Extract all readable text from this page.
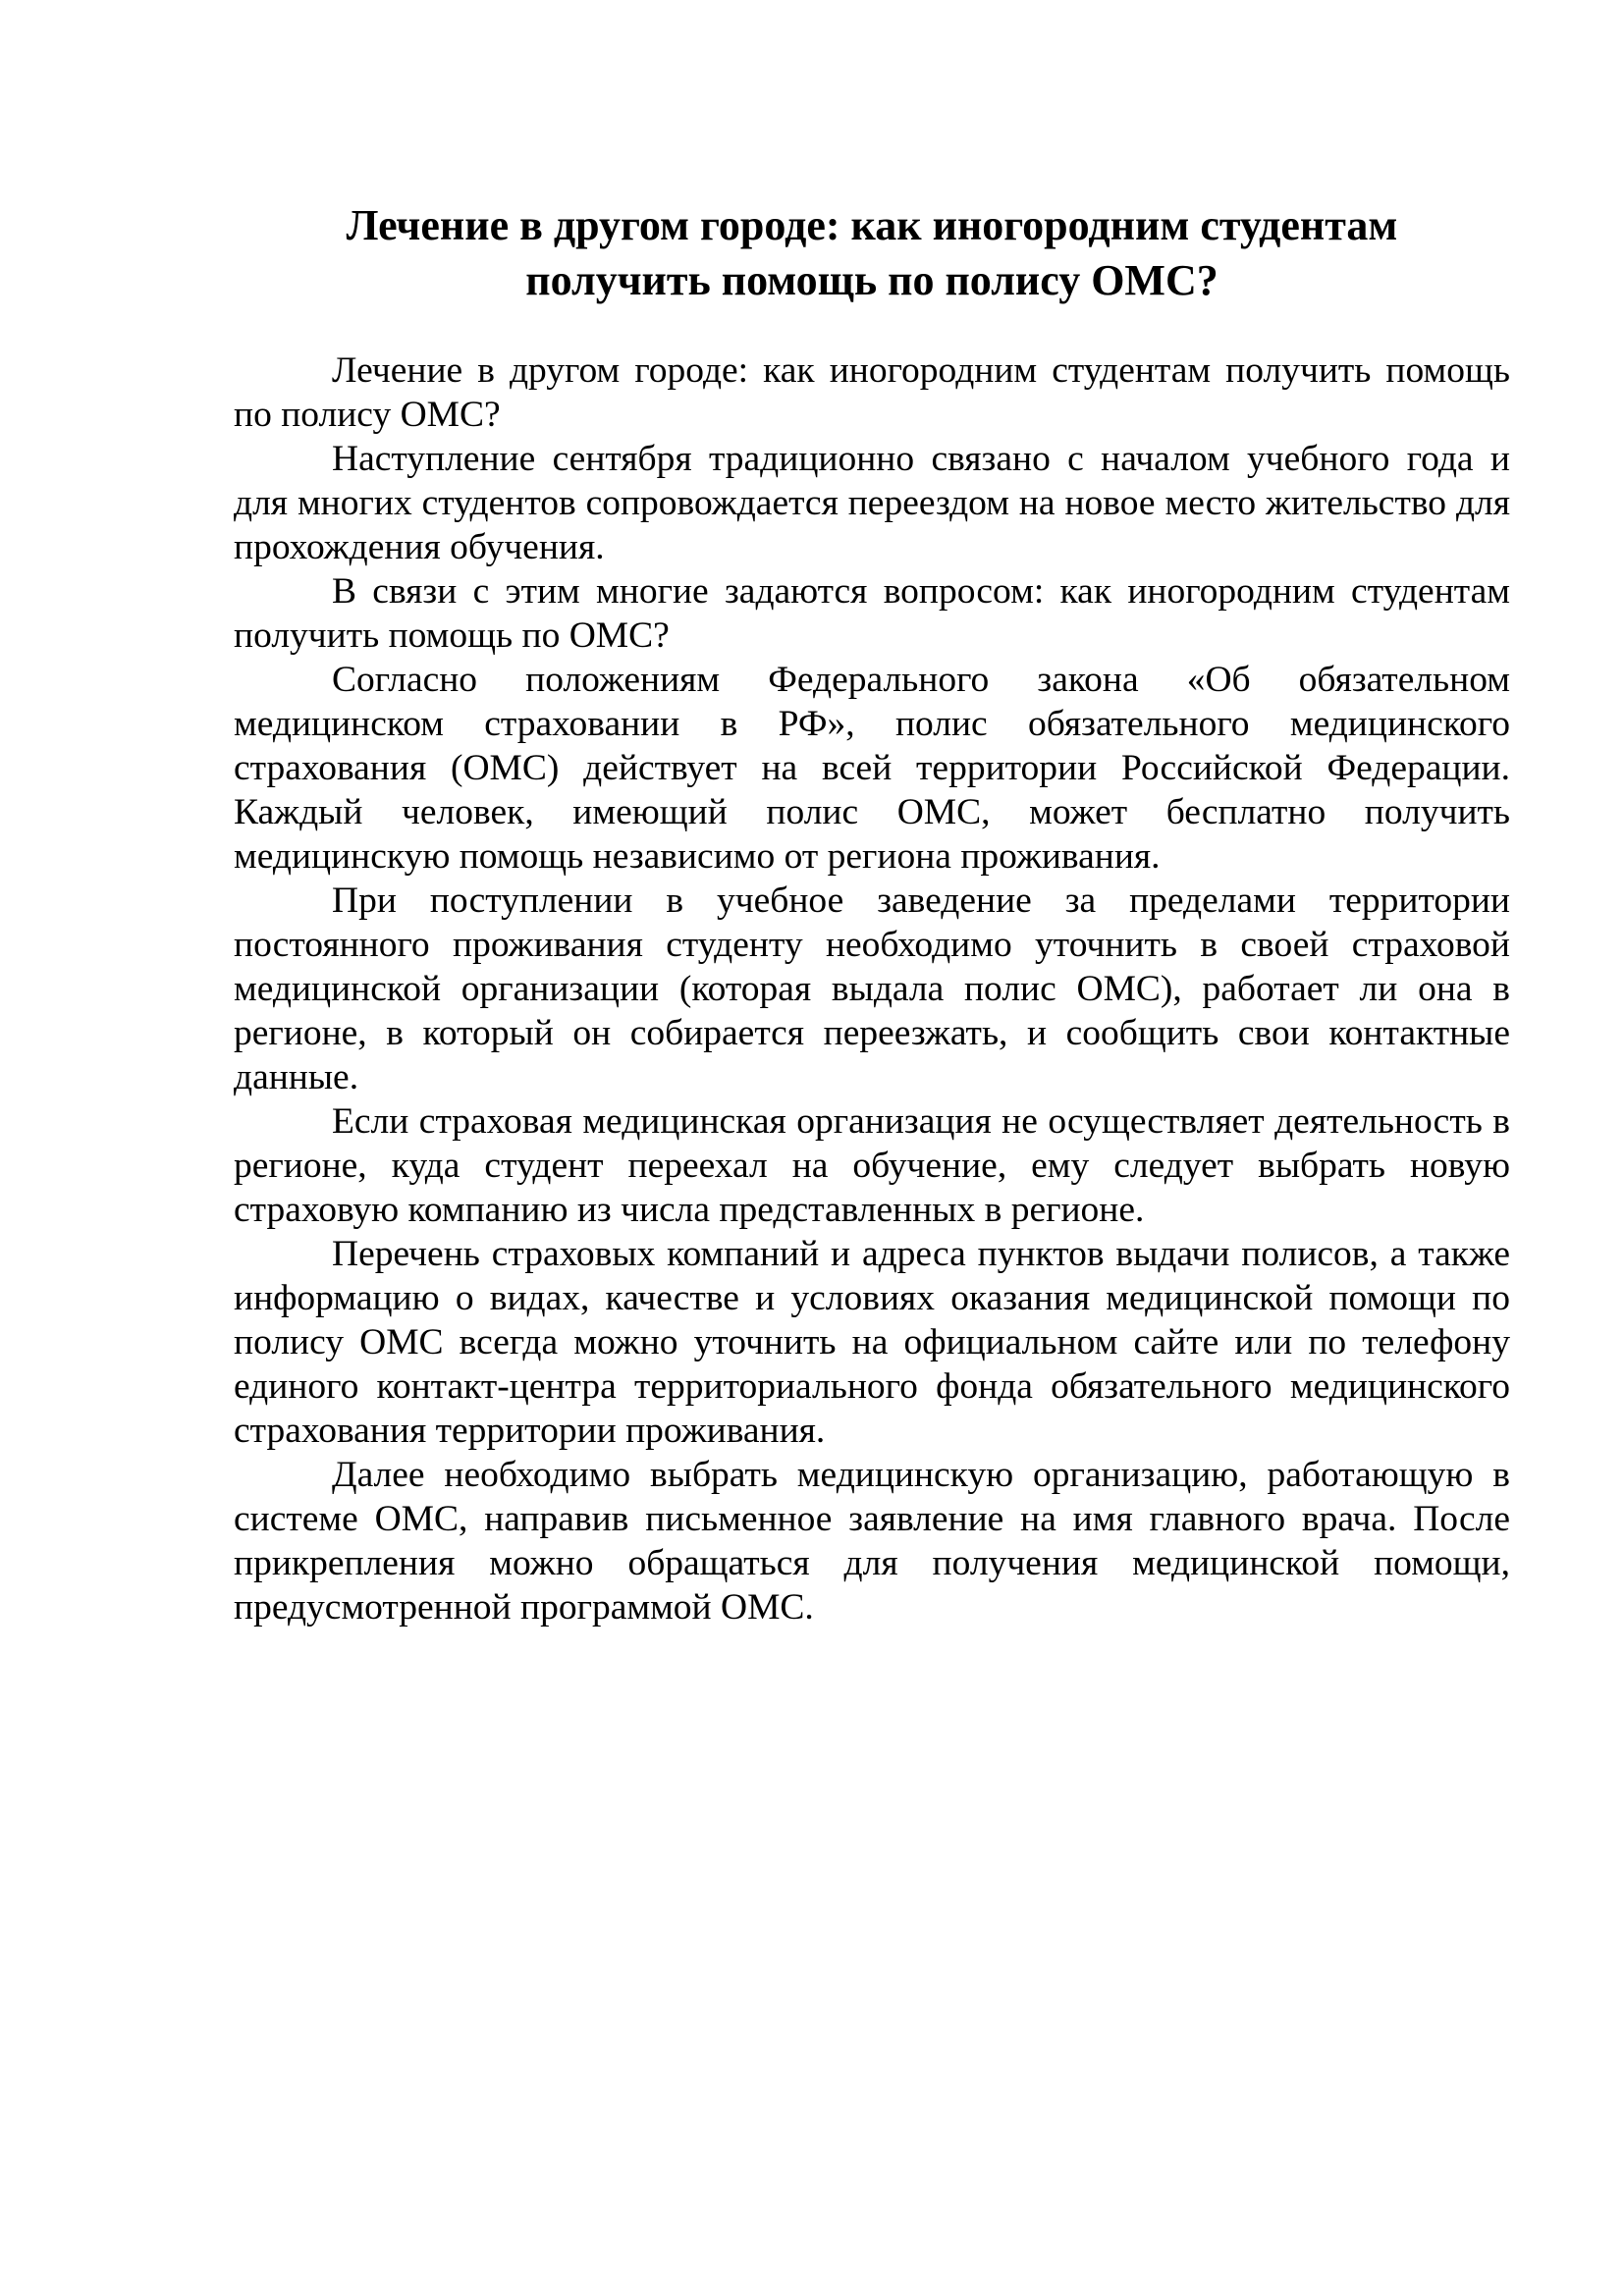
Лечение в другом городе: как иногородним студентам
получить помощь по полису ОМС?

Лечение в другом городе: как иногородним студентам получить помощь по полису ОМС?

Наступление сентября традиционно связано с началом учебного года и для многих студентов сопровождается переездом на новое место жительство для прохождения обучения.

В связи с этим многие задаются вопросом: как иногородним студентам получить помощь по ОМС?

Согласно положениям Федерального закона «Об обязательном медицинском страховании в РФ», полис обязательного медицинского страхования (ОМС) действует на всей территории Российской Федерации. Каждый человек, имеющий полис ОМС, может бесплатно получить медицинскую помощь независимо от региона проживания.

При поступлении в учебное заведение за пределами территории постоянного проживания студенту необходимо уточнить в своей страховой медицинской организации (которая выдала полис ОМС), работает ли она в регионе, в который он собирается переезжать, и сообщить свои контактные данные.

Если страховая медицинская организация не осуществляет деятельность в регионе, куда студент переехал на обучение, ему следует выбрать новую страховую компанию из числа представленных в регионе.

Перечень страховых компаний и адреса пунктов выдачи полисов, а также информацию о видах, качестве и условиях оказания медицинской помощи по полису ОМС всегда можно уточнить на официальном сайте или по телефону единого контакт-центра территориального фонда обязательного медицинского страхования территории проживания.

Далее необходимо выбрать медицинскую организацию, работающую в системе ОМС, направив письменное заявление на имя главного врача. После прикрепления можно обращаться для получения медицинской помощи, предусмотренной программой ОМС.
